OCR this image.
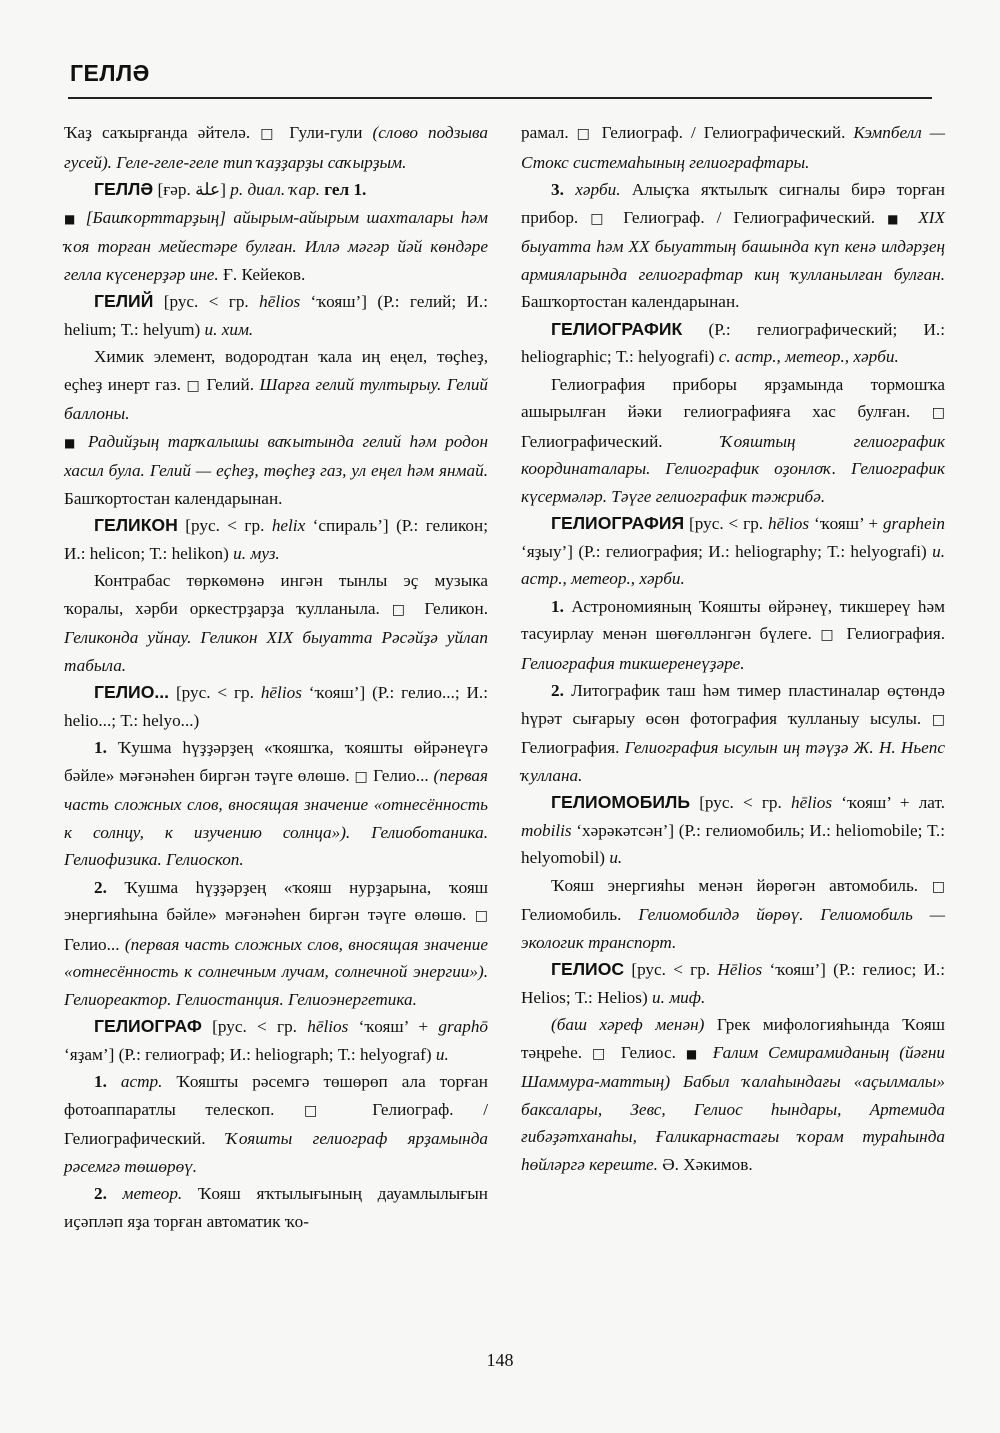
ГЕЛЛӘ

Ҡаҙ саҡырғанда әйтелә. □ Гули-гули (слово подзыва гусей). Геле-геле-геле тип ҡаҙҙарҙы саҡырҙым.

ГЕЛЛӘ [ғәр. علة] р. диал. ҡар. гел 1.

■ [Башҡорттарҙың] айырым-айырым шахталары һәм ҡоя торған мейестәре булған. Иллә мәгәр йәй көндәре гелла күсенерҙәр ине. Ғ. Кейеков.

ГЕЛИЙ [рус. < гр. hēlios ‘ҡояш’] (Р.: гелий; И.: helium; Т.: helyum) и. хим.

Химик элемент, водородтан ҡала иң еңел, төҫһеҙ, еҫһеҙ инерт газ. □ Гелий. Шарға гелий тултырыу. Гелий баллоны.

■ Радийҙың тарҡалышы ваҡытында гелий һәм родон хасил була. Гелий — еҫһеҙ, төҫһеҙ газ, ул еңел һәм янмай. Башҡортостан календарынан.

ГЕЛИКОН [рус. < гр. helix ‘спираль’] (Р.: геликон; И.: helicon; Т.: helikon) и. муз.

Контрабас төркөмөнә ингән тынлы эҫ музыка ҡоралы, хәрби оркестрҙарҙа ҡулланыла. □ Геликон. Геликонда уйнау. Геликон XIX быуатта Рәсәйҙә уйлап табыла.

ГЕЛИО... [рус. < гр. hēlios ‘ҡояш’] (Р.: гелио...; И.: helio...; Т.: helyo...)

1. Ҡушма һүҙҙәрҙең «ҡояшҡа, ҡояшты өйрәнеүгә бәйле» мәғәнәһен биргән тәүге өлөшө. □ Гелио... (первая часть сложных слов, вносящая значение «отнесённость к солнцу, к изучению солнца»). Гелиоботаника. Гелиофизика. Гелиоскоп.

2. Ҡушма һүҙҙәрҙең «ҡояш нурҙарына, ҡояш энергияһына бәйле» мәғәнәһен биргән тәүге өлөшө. □ Гелио... (первая часть сложных слов, вносящая значение «отнесённость к солнечным лучам, солнечной энергии»). Гелиореактор. Гелиостанция. Гелиоэнергетика.

ГЕЛИОГРАФ [рус. < гр. hēlios ‘ҡояш’ + graphō ‘яҙам’] (Р.: гелиограф; И.: heliograph; Т.: helyograf) и.

1. астр. Ҡояшты рәсемгә төшөрөп ала торған фотоаппаратлы телескоп. □ Гелиограф. / Гелиографический. Ҡояшты гелиограф ярҙамында рәсемгә төшөрөү.

2. метеор. Ҡояш яҡтылығының дауамлылығын иҫәпләп яҙа торған автоматик ҡо-

рамал. □ Гелиограф. / Гелиографический. Кэмпбелл — Стокс системаһының гелиографтары.

3. хәрби. Алыҫҡа яҡтылыҡ сигналы бирә торған прибор. □ Гелиограф. / Гелиографический. ■ XIX быуатта һәм XX быуаттың башында күп кенә илдәрҙең армияларында гелиографтар киң ҡулланылған булған. Башҡортостан календарынан.

ГЕЛИОГРАФИК (Р.: гелиографический; И.: heliographic; Т.: helyografi) с. астр., метеор., хәрби.

Гелиография приборы ярҙамында тормошҡа ашырылған йәки гелиографияға хас булған. □ Гелиографический. Ҡояштың гелиографик координаталары. Гелиографик оҙонлоҡ. Гелиографик күсермәләр. Тәүге гелиографик тәжрибә.

ГЕЛИОГРАФИЯ [рус. < гр. hēlios ‘ҡояш’ + graphein ‘яҙыу’] (Р.: гелиография; И.: heliography; Т.: helyografi) и. астр., метеор., хәрби.

1. Астрономияның Ҡояшты өйрәнеү, тикшереү һәм тасуирлау менән шөғөлләнгән бүлеге. □ Гелиография. Гелиография тикшеренеүҙәре.

2. Литографик таш һәм тимер пластиналар өҫтөндә һүрәт сығарыу өсөн фотография ҡулланыу ысулы. □ Гелиография. Гелиография ысулын иң тәүҙә Ж. Н. Ньепс ҡуллана.

ГЕЛИОМОБИЛЬ [рус. < гр. hēlios ‘ҡояш’ + лат. mobilis ‘хәрәкәтсән’] (Р.: гелиомобиль; И.: heliomobile; Т.: helyomobil) и.

Ҡояш энергияһы менән йөрөгән автомобиль. □ Гелиомобиль. Гелиомобилдә йөрөү. Гелиомобиль — экологик транспорт.

ГЕЛИОС [рус. < гр. Hēlios ‘ҡояш’] (Р.: гелиос; И.: Helios; Т.: Helios) и. миф.

(баш хәреф менән) Грек мифологияһында Ҡояш тәңреһе. □ Гелиос. ■ Ғалим Семирамиданың (йәғни Шаммура-маттың) Бабыл ҡалаһындағы «аҫылмалы» баксалары, Зевс, Гелиос һындары, Артемида ғибәҙәтханаһы, Ғаликарнастағы ҡорам тураһында һөйләргә кереште. Ә. Хәкимов.

148
